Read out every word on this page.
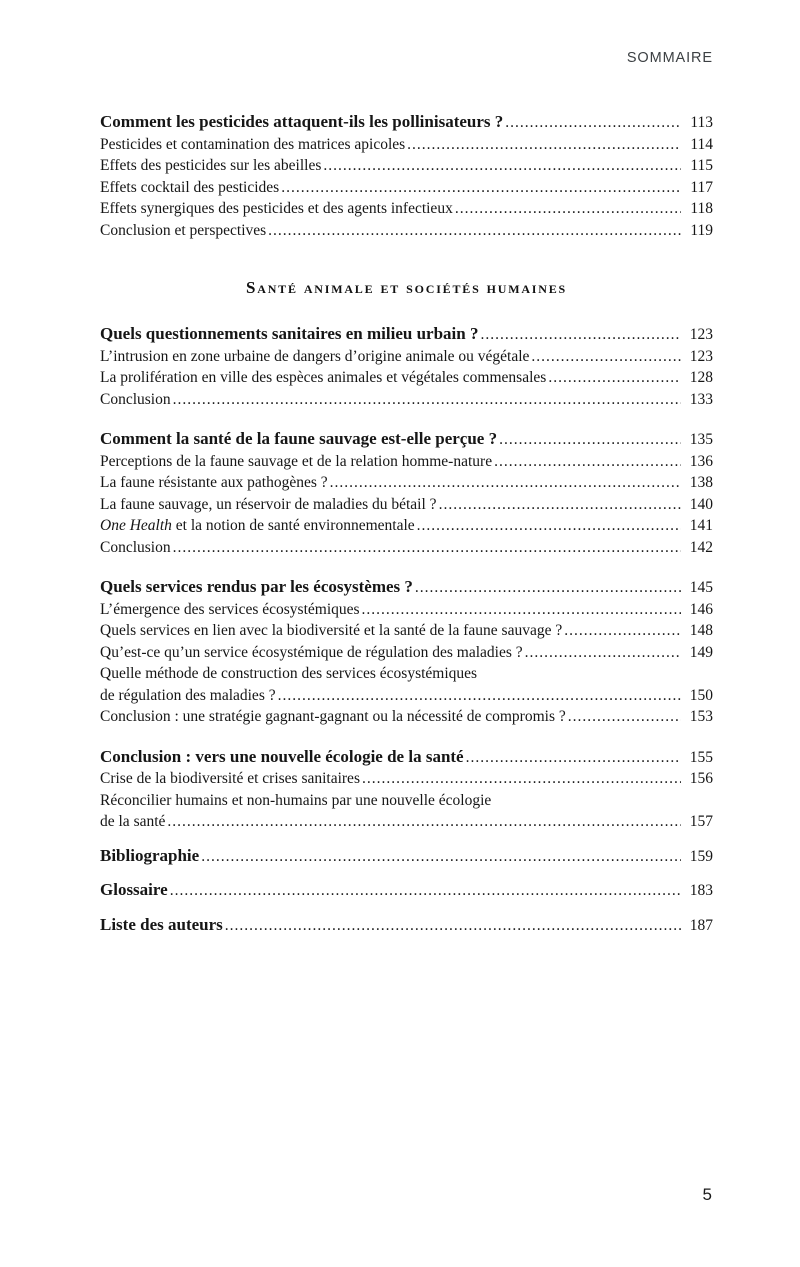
SOMMAIRE
Comment les pesticides attaquent-ils les pollinisateurs ? .....	113
Pesticides et contamination des matrices apicoles .....	114
Effets des pesticides sur les abeilles .....	115
Effets cocktail des pesticides .....	117
Effets synergiques des pesticides et des agents infectieux .....	118
Conclusion et perspectives .....	119
Santé animale et sociétés humaines
Quels questionnements sanitaires en milieu urbain ? .....	123
L’intrusion en zone urbaine de dangers d’origine animale ou végétale .....	123
La prolifération en ville des espèces animales et végétales commensales .....	128
Conclusion .....	133
Comment la santé de la faune sauvage est-elle perçue ? .....	135
Perceptions de la faune sauvage et de la relation homme-nature .....	136
La faune résistante aux pathogènes ? .....	138
La faune sauvage, un réservoir de maladies du bétail ? .....	140
One Health et la notion de santé environnementale .....	141
Conclusion .....	142
Quels services rendus par les écosystèmes ? .....	145
L’émergence des services écosystémiques .....	146
Quels services en lien avec la biodiversité et la santé de la faune sauvage ? .....	148
Qu’est-ce qu’un service écosystémique de régulation des maladies ? .....	149
Quelle méthode de construction des services écosystémiques
de régulation des maladies ? .....	150
Conclusion : une stratégie gagnant-gagnant ou la nécessité de compromis ? .....	153
Conclusion : vers une nouvelle écologie de la santé .....	155
Crise de la biodiversité et crises sanitaires .....	156
Réconcilier humains et non-humains par une nouvelle écologie
de la santé .....	157
Bibliographie .....	159
Glossaire .....	183
Liste des auteurs .....	187
5
